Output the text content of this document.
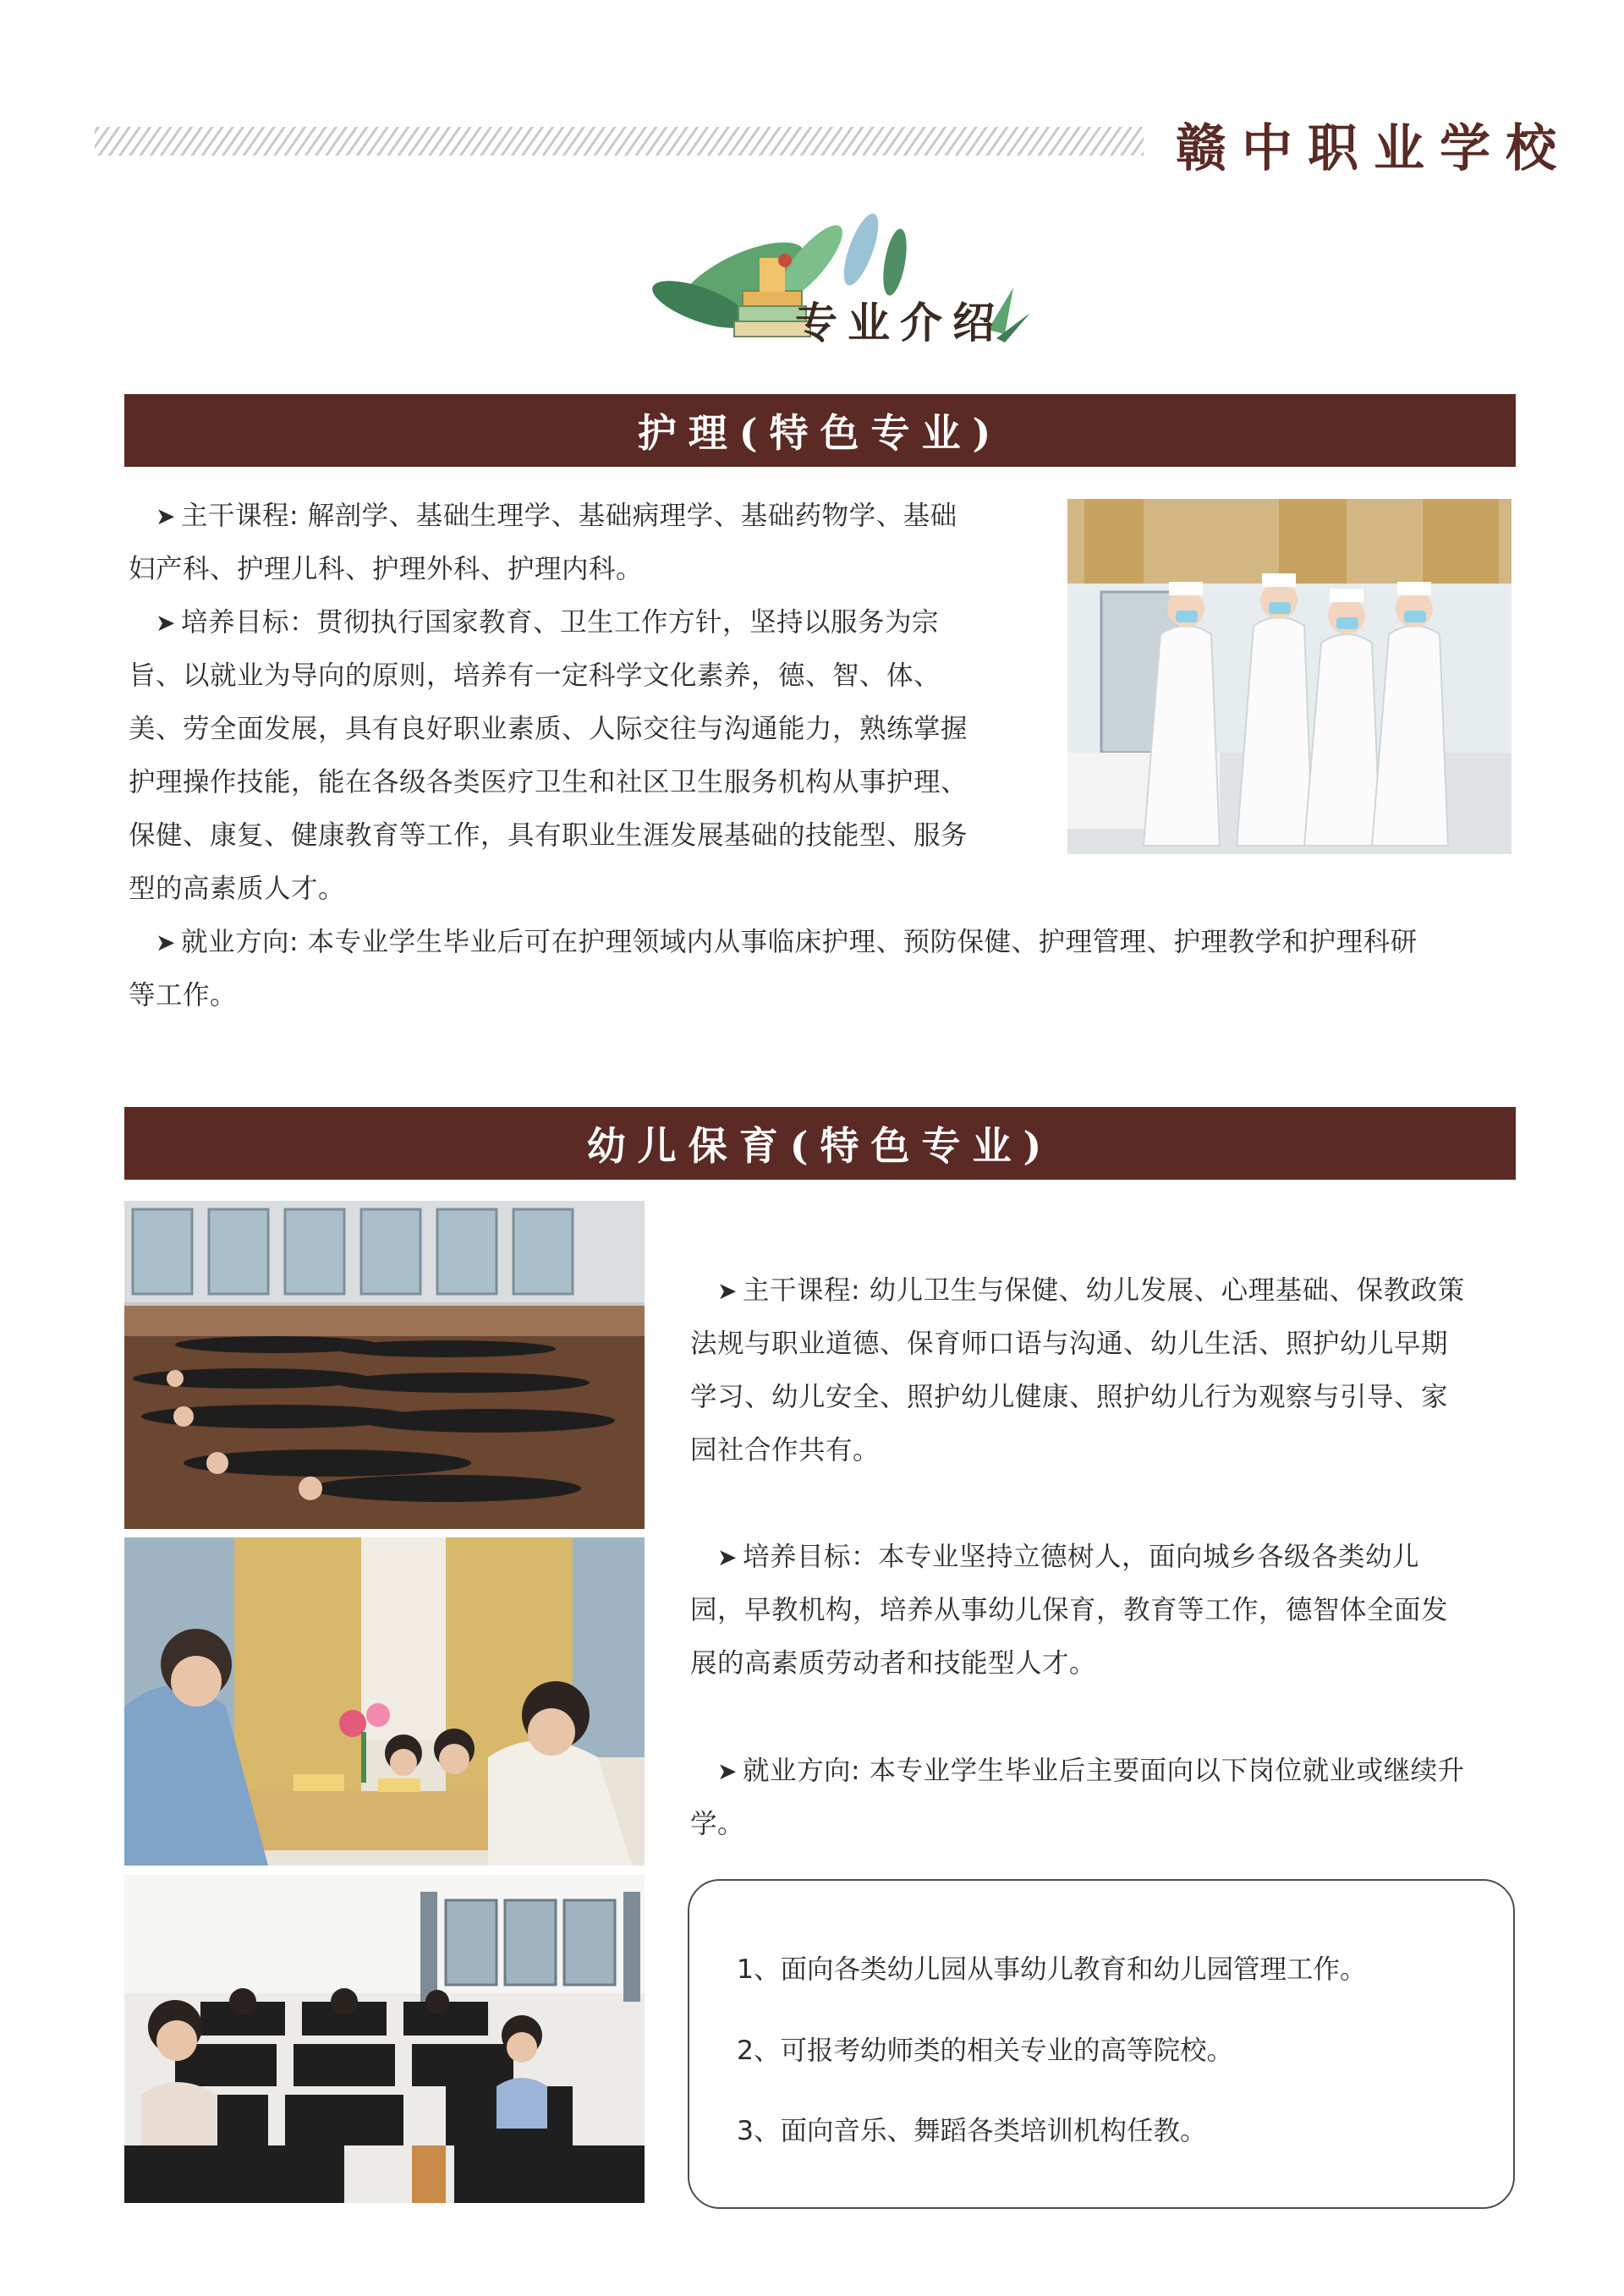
赣中职业学校
专业介绍
护理(特色专业)

➤ 主干课程: 解剖学、基础生理学、基础病理学、基础药物学、基础
妇产科、护理儿科、护理外科、护理内科。
➤ 培养目标：贯彻执行国家教育、卫生工作方针，坚持以服务为宗
旨、以就业为导向的原则，培养有一定科学文化素养，德、智、体、
美、劳全面发展，具有良好职业素质、人际交往与沟通能力，熟练掌握
护理操作技能，能在各级各类医疗卫生和社区卫生服务机构从事护理、
保健、康复、健康教育等工作，具有职业生涯发展基础的技能型、服务
型的高素质人才。

➤ 就业方向: 本专业学生毕业后可在护理领域内从事临床护理、预防保健、护理管理、护理教学和护理科研
等工作。

幼儿保育(特色专业)

➤ 主干课程: 幼儿卫生与保健、幼儿发展、心理基础、保教政策
法规与职业道德、保育师口语与沟通、幼儿生活、照护幼儿早期
学习、幼儿安全、照护幼儿健康、照护幼儿行为观察与引导、家
园社合作共有。

➤ 培养目标：本专业坚持立德树人，面向城乡各级各类幼儿
园，早教机构，培养从事幼儿保育，教育等工作，德智体全面发
展的高素质劳动者和技能型人才。

➤ 就业方向: 本专业学生毕业后主要面向以下岗位就业或继续升
学。

1、面向各类幼儿园从事幼儿教育和幼儿园管理工作。

2、可报考幼师类的相关专业的高等院校。

3、面向音乐、舞蹈各类培训机构任教。
